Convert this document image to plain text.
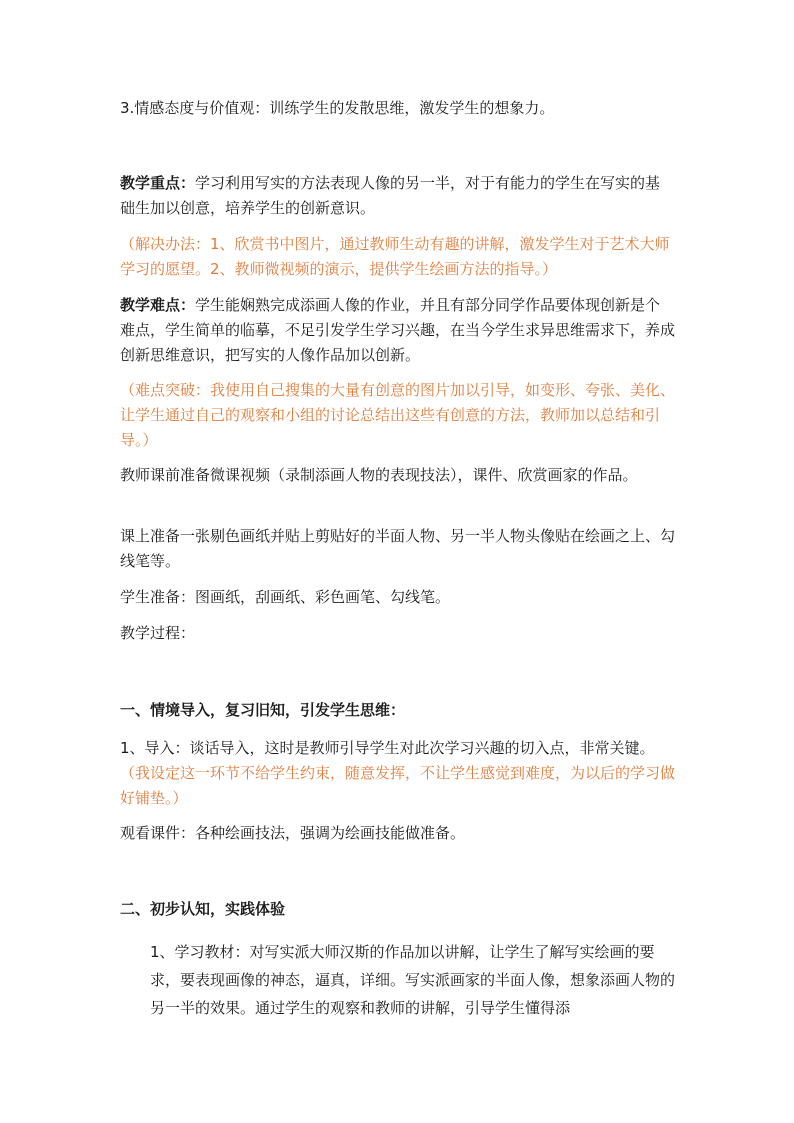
3.情感态度与价值观：训练学生的发散思维，激发学生的想象力。

教学重点：学习利用写实的方法表现人像的另一半，对于有能力的学生在写实的基础生加以创意，培养学生的创新意识。

（解决办法：1、欣赏书中图片，通过教师生动有趣的讲解，激发学生对于艺术大师学习的愿望。2、教师微视频的演示，提供学生绘画方法的指导。）

教学难点：学生能娴熟完成添画人像的作业，并且有部分同学作品要体现创新是个难点，学生简单的临摹，不足引发学生学习兴趣，在当今学生求异思维需求下，养成创新思维意识，把写实的人像作品加以创新。

（难点突破：我使用自己搜集的大量有创意的图片加以引导，如变形、夸张、美化、让学生通过自己的观察和小组的讨论总结出这些有创意的方法，教师加以总结和引导。）

教师课前准备微课视频（录制添画人物的表现技法），课件、欣赏画家的作品。

课上准备一张剔色画纸并贴上剪贴好的半面人物、另一半人物头像贴在绘画之上、勾线笔等。

学生准备：图画纸，刮画纸、彩色画笔、勾线笔。

教学过程：

一、情境导入，复习旧知，引发学生思维：

1、导入：谈话导入，这时是教师引导学生对此次学习兴趣的切入点，非常关键。（我设定这一环节不给学生约束，随意发挥，不让学生感觉到难度，为以后的学习做好铺垫。）

观看课件：各种绘画技法，强调为绘画技能做准备。

二、初步认知，实践体验

1、学习教材：对写实派大师汉斯的作品加以讲解，让学生了解写实绘画的要求，要表现画像的神态，逼真，详细。写实派画家的半面人像，想象添画人物的另一半的效果。通过学生的观察和教师的讲解，引导学生懂得添
